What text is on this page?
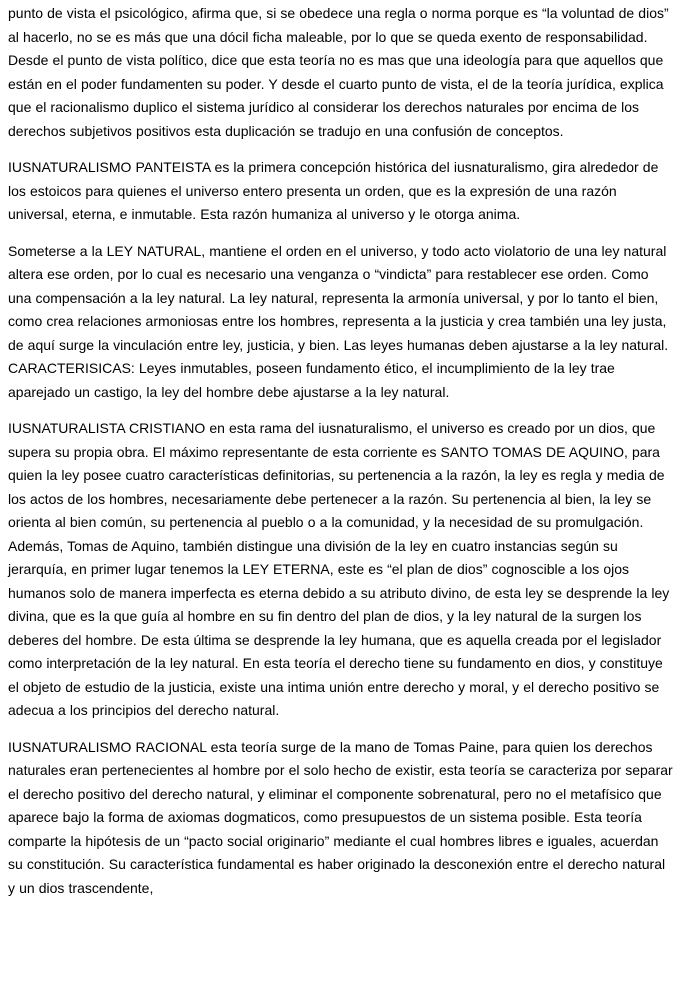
punto de vista el psicológico, afirma que, si se obedece una regla o norma porque es “la voluntad de dios” al hacerlo, no se es más que una dócil ficha maleable, por lo que se queda exento de responsabilidad. Desde el punto de vista político, dice que esta teoría no es mas que una ideología para que aquellos que están en el poder fundamenten su poder. Y desde el cuarto punto de vista, el de la teoría jurídica, explica que el racionalismo duplico el sistema jurídico al considerar los derechos naturales por encima de los derechos subjetivos positivos esta duplicación se tradujo en una confusión de conceptos.

IUSNATURALISMO PANTEISTA es la primera concepción histórica del iusnaturalismo, gira alrededor de los estoicos para quienes el universo entero presenta un orden, que es la expresión de una razón universal, eterna, e inmutable. Esta razón humaniza al universo y le otorga anima.

Someterse a la LEY NATURAL, mantiene el orden en el universo, y todo acto violatorio de una ley natural altera ese orden, por lo cual es necesario una venganza o “vindicta” para restablecer ese orden. Como una compensación a la ley natural. La ley natural, representa la armonía universal, y por lo tanto el bien, como crea relaciones armoniosas entre los hombres, representa a la justicia y crea también una ley justa, de aquí surge la vinculación entre ley, justicia, y bien. Las leyes humanas deben ajustarse a la ley natural. CARACTERISICAS: Leyes inmutables, poseen fundamento ético, el incumplimiento de la ley trae aparejado un castigo, la ley del hombre debe ajustarse a la ley natural.

IUSNATURALISTA CRISTIANO en esta rama del iusnaturalismo, el universo es creado por un dios, que supera su propia obra. El máximo representante de esta corriente es SANTO TOMAS DE AQUINO, para quien la ley posee cuatro características definitorias, su pertenencia a la razón, la ley es regla y media de los actos de los hombres, necesariamente debe pertenecer a la razón. Su pertenencia al bien, la ley se orienta al bien común, su pertenencia al pueblo o a la comunidad, y la necesidad de su promulgación. Además, Tomas de Aquino, también distingue una división de la ley en cuatro instancias según su jerarquía, en primer lugar tenemos la LEY ETERNA, este es “el plan de dios” cognoscible a los ojos humanos solo de manera imperfecta es eterna debido a su atributo divino, de esta ley se desprende la ley divina, que es la que guía al hombre en su fin dentro del plan de dios, y la ley natural de la surgen los deberes del hombre. De esta última se desprende la ley humana, que es aquella creada por el legislador como interpretación de la ley natural. En esta teoría el derecho tiene su fundamento en dios, y constituye el objeto de estudio de la justicia, existe una intima unión entre derecho y moral, y el derecho positivo se adecua a los principios del derecho natural.

IUSNATURALISMO RACIONAL esta teoría surge de la mano de Tomas Paine, para quien los derechos naturales eran pertenecientes al hombre por el solo hecho de existir, esta teoría se caracteriza por separar el derecho positivo del derecho natural, y eliminar el componente sobrenatural, pero no el metafísico que aparece bajo la forma de axiomas dogmaticos, como presupuestos de un sistema posible. Esta teoría comparte la hipótesis de un “pacto social originario” mediante el cual hombres libres e iguales, acuerdan su constitución. Su característica fundamental es haber originado la desconexión entre el derecho natural y un dios trascendente,
